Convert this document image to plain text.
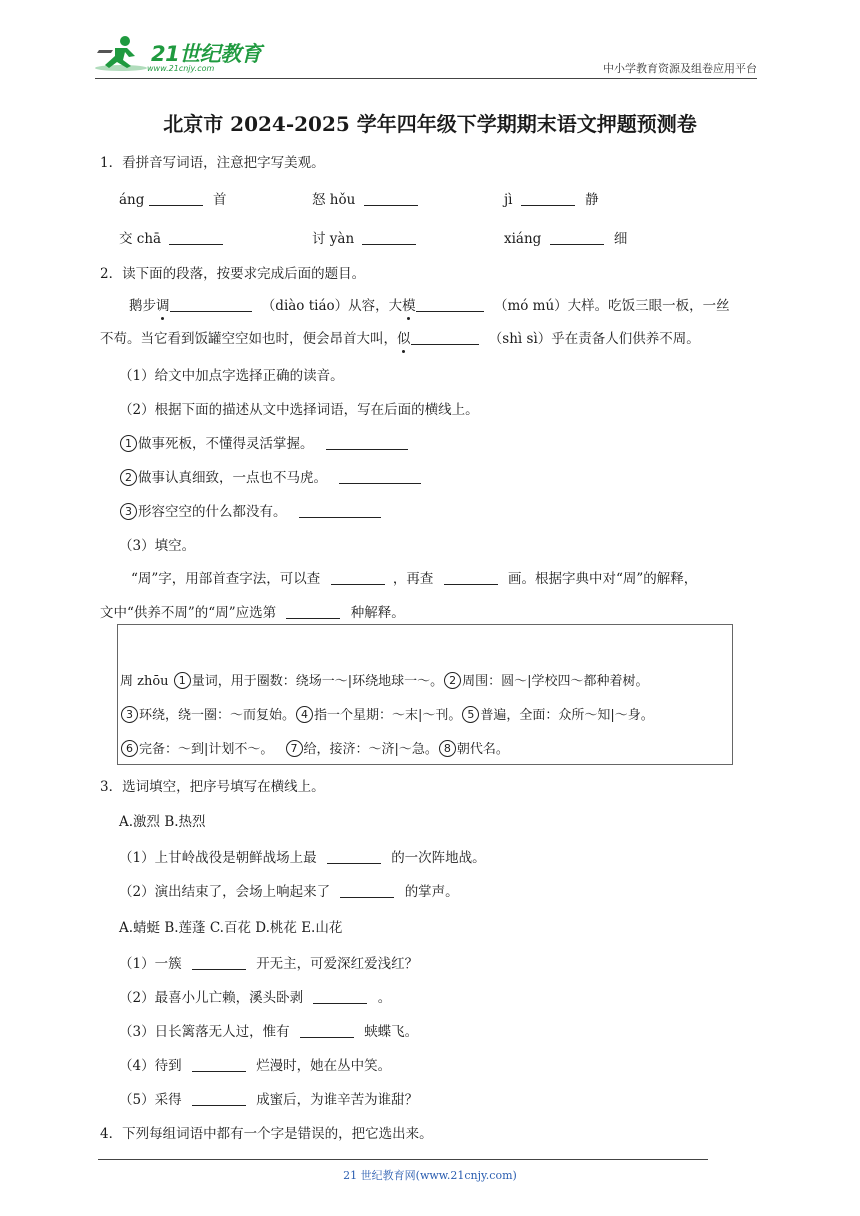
21世纪教育
www.21cnjy.com	中小学教育资源及组卷应用平台
北京市 2024-2025 学年四年级下学期期末语文押题预测卷
1．看拼音写词语，注意把字写美观。
áng	首	怒 hǒu	jì	静
交 chā	讨 yàn	xiáng	细
2．读下面的段落，按要求完成后面的题目。
鹅步调	（diào tiáo）从容，大模	（mó mú）大样。吃饭三眼一板，一丝
不苟。当它看到饭罐空空如也时，便会昂首大叫，似	（shì sì）乎在责备人们供养不周。
（1）给文中加点字选择正确的读音。
（2）根据下面的描述从文中选择词语，写在后面的横线上。
1 做事死板，不懂得灵活掌握。
2 做事认真细致，一点也不马虎。
3 形容空空的什么都没有。
（3）填空。
“周”字，用部首查字法，可以查	，再查	画。根据字典中对“周”的解释，
文中“供养不周”的“周”应选第	种解释。
周 zhōu 1 量词，用于圈数：绕场一～|环绕地球一～。 2 周围：圆～|学校四～都种着树。
3 环绕，绕一圈：～而复始。 4 指一个星期：～末|～刊。 5 普遍，全面：众所～知|～身。
6 完备：～到|计划不～。 7 给，接济：～济|～急。 8 朝代名。
3．选词填空，把序号填写在横线上。
A.激烈 B.热烈
（1）上甘岭战役是朝鲜战场上最	的一次阵地战。
（2）演出结束了，会场上响起来了	的掌声。
A.蜻蜓 B.莲蓬 C.百花 D.桃花 E.山花
（1）一簇	开无主，可爱深红爱浅红？
（2）最喜小儿亡赖，溪头卧剥	。
（3）日长篱落无人过，惟有	蛱蝶飞。
（4）待到	烂漫时，她在丛中笑。
（5）采得	成蜜后，为谁辛苦为谁甜？
4．下列每组词语中都有一个字是错误的，把它选出来。
21 世纪教育网(www.21cnjy.com)
